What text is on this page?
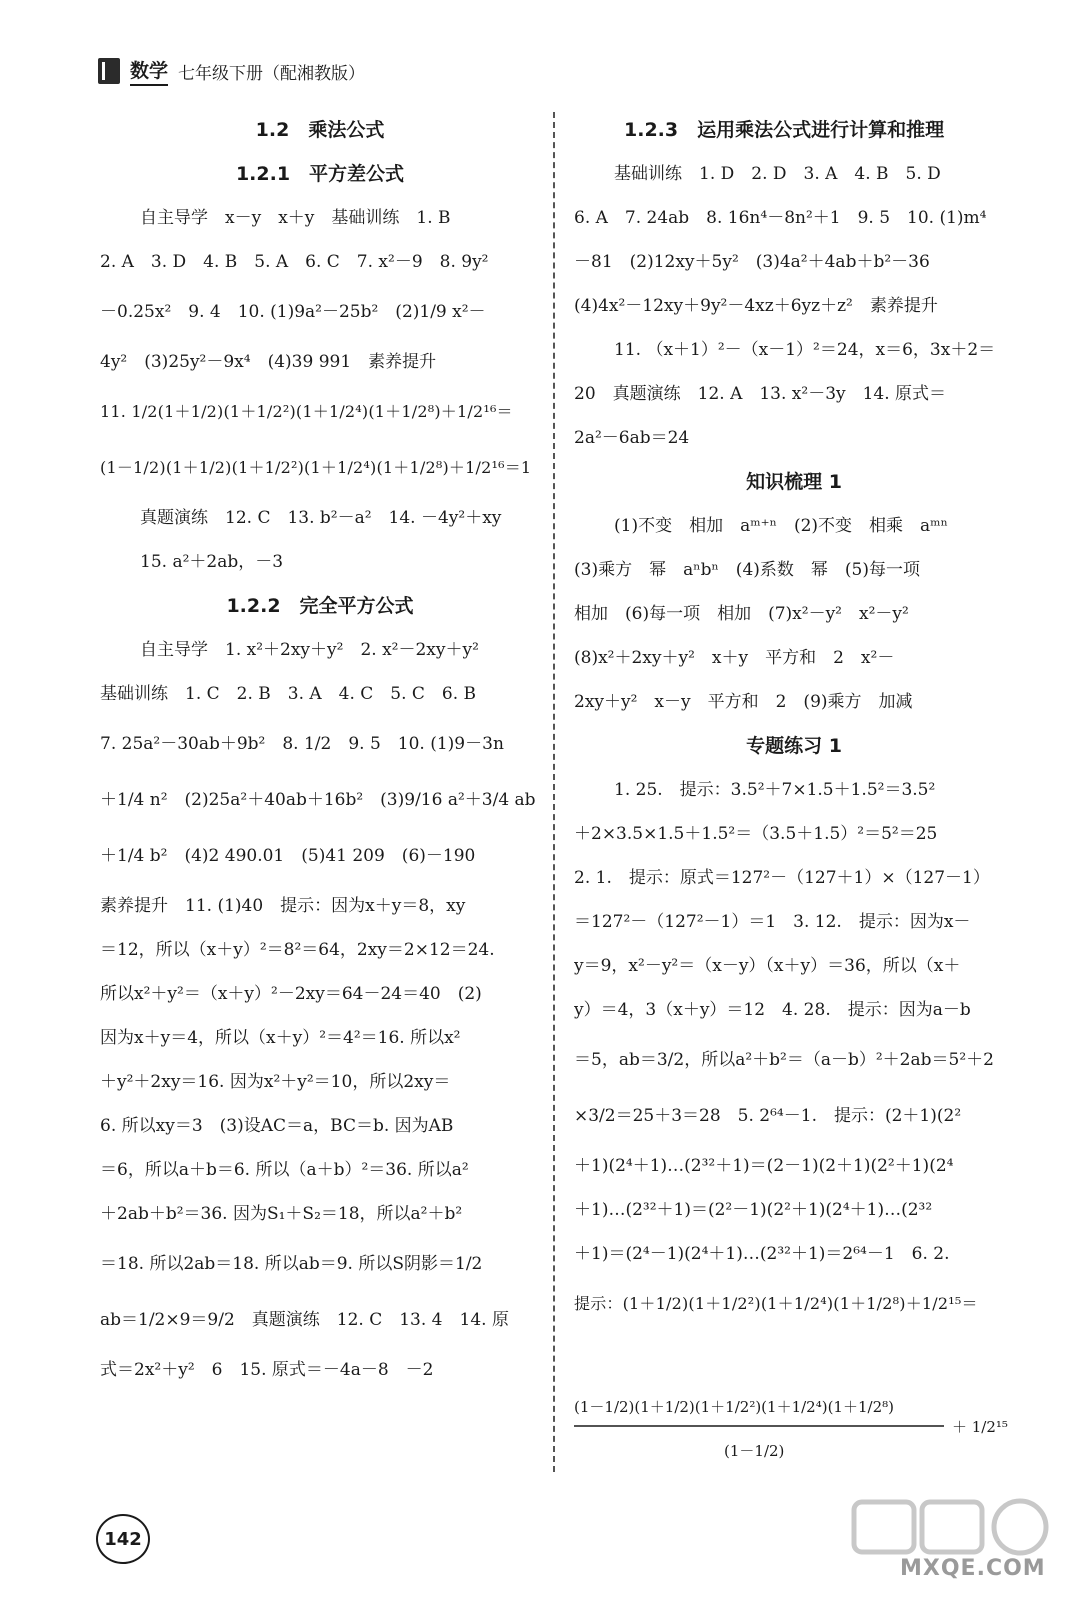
数学 七年级下册（配湘教版）
1.2　乘法公式
1.2.1　平方差公式
自主导学　x－y　x＋y　基础训练　1. B
2. A　3. D　4. B　5. A　6. C　7. x²－9　8. 9y²
－0.25x²　9. 4　10. (1)9a²－25b²　(2)1/9 x²－
4y²　(3)25y²－9x⁴　(4)39 991　素养提升
11. 1/2(1＋1/2)(1＋1/2²)(1＋1/2⁴)(1＋1/2⁸)＋1/2¹⁶＝
(1－1/2)(1＋1/2)(1＋1/2²)(1＋1/2⁴)(1＋1/2⁸)＋1/2¹⁶＝1
真题演练　12. C　13. b²－a²　14. －4y²＋xy
15. a²＋2ab，－3
1.2.2　完全平方公式
自主导学　1. x²＋2xy＋y²　2. x²－2xy＋y²
基础训练　1. C　2. B　3. A　4. C　5. C　6. B
7. 25a²－30ab＋9b²　8. 1/2　9. 5　10. (1)9－3n
＋1/4 n²　(2)25a²＋40ab＋16b²　(3)9/16 a²＋3/4 ab
＋1/4 b²　(4)2 490.01　(5)41 209　(6)－190
素养提升　11. (1)40　提示：因为x＋y＝8，xy
＝12，所以（x＋y）²＝8²＝64，2xy＝2×12＝24.
所以x²＋y²＝（x＋y）²－2xy＝64－24＝40　(2)
因为x＋y＝4，所以（x＋y）²＝4²＝16. 所以x²
＋y²＋2xy＝16. 因为x²＋y²＝10，所以2xy＝
6. 所以xy＝3　(3)设AC＝a，BC＝b. 因为AB
＝6，所以a＋b＝6. 所以（a＋b）²＝36. 所以a²
＋2ab＋b²＝36. 因为S₁＋S₂＝18，所以a²＋b²
＝18. 所以2ab＝18. 所以ab＝9. 所以S阴影＝1/2
ab＝1/2×9＝9/2　真题演练　12. C　13. 4　14. 原
式＝2x²＋y²　6　15. 原式＝－4a－8　－2
1.2.3　运用乘法公式进行计算和推理
基础训练　1. D　2. D　3. A　4. B　5. D
6. A　7. 24ab　8. 16n⁴－8n²＋1　9. 5　10. (1)m⁴
－81　(2)12xy＋5y²　(3)4a²＋4ab＋b²－36
(4)4x²－12xy＋9y²－4xz＋6yz＋z²　素养提升
11. （x＋1）²－（x－1）²＝24，x＝6，3x＋2＝
20　真题演练　12. A　13. x²－3y　14. 原式＝
2a²－6ab＝24
知识梳理 1
(1)不变　相加　aᵐ⁺ⁿ　(2)不变　相乘　aᵐⁿ
(3)乘方　幂　aⁿbⁿ　(4)系数　幂　(5)每一项
相加　(6)每一项　相加　(7)x²－y²　x²－y²
(8)x²＋2xy＋y²　x＋y　平方和　2　x²－
2xy＋y²　x－y　平方和　2　(9)乘方　加减
专题练习 1
1. 25.　提示：3.5²＋7×1.5＋1.5²＝3.5²
＋2×3.5×1.5＋1.5²＝（3.5＋1.5）²＝5²＝25
2. 1.　提示：原式＝127²－（127＋1）×（127－1）
＝127²－（127²－1）＝1　3. 12.　提示：因为x－
y＝9，x²－y²＝（x－y）（x＋y）＝36，所以（x＋
y）＝4，3（x＋y）＝12　4. 28.　提示：因为a－b
＝5，ab＝3/2，所以a²＋b²＝（a－b）²＋2ab＝5²＋2
×3/2＝25＋3＝28　5. 2⁶⁴－1.　提示：(2＋1)(2²
＋1)(2⁴＋1)…(2³²＋1)＝(2－1)(2＋1)(2²＋1)(2⁴
＋1)…(2³²＋1)＝(2²－1)(2²＋1)(2⁴＋1)…(2³²
＋1)＝(2⁴－1)(2⁴＋1)…(2³²＋1)＝2⁶⁴－1　6. 2.
提示：(1＋1/2)(1＋1/2²)(1＋1/2⁴)(1＋1/2⁸)＋1/2¹⁵＝
(1－1/2)(1＋1/2)(1＋1/2²)(1＋1/2⁴)(1＋1/2⁸)
(1－1/2)
＋ 1/2¹⁵
142
MXQE.COM
